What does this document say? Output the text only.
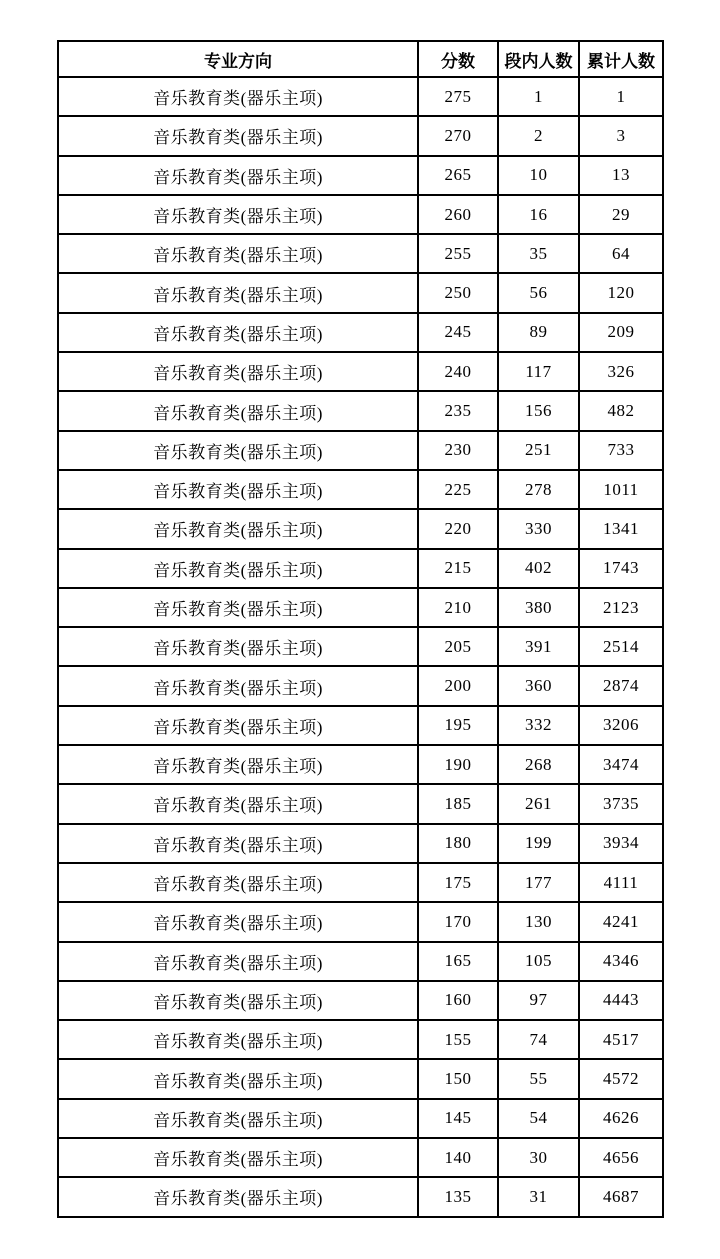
专业方向	分数	段内人数	累计人数
音乐教育类(器乐主项)	275	1	1
音乐教育类(器乐主项)	270	2	3
音乐教育类(器乐主项)	265	10	13
音乐教育类(器乐主项)	260	16	29
音乐教育类(器乐主项)	255	35	64
音乐教育类(器乐主项)	250	56	120
音乐教育类(器乐主项)	245	89	209
音乐教育类(器乐主项)	240	117	326
音乐教育类(器乐主项)	235	156	482
音乐教育类(器乐主项)	230	251	733
音乐教育类(器乐主项)	225	278	1011
音乐教育类(器乐主项)	220	330	1341
音乐教育类(器乐主项)	215	402	1743
音乐教育类(器乐主项)	210	380	2123
音乐教育类(器乐主项)	205	391	2514
音乐教育类(器乐主项)	200	360	2874
音乐教育类(器乐主项)	195	332	3206
音乐教育类(器乐主项)	190	268	3474
音乐教育类(器乐主项)	185	261	3735
音乐教育类(器乐主项)	180	199	3934
音乐教育类(器乐主项)	175	177	4111
音乐教育类(器乐主项)	170	130	4241
音乐教育类(器乐主项)	165	105	4346
音乐教育类(器乐主项)	160	97	4443
音乐教育类(器乐主项)	155	74	4517
音乐教育类(器乐主项)	150	55	4572
音乐教育类(器乐主项)	145	54	4626
音乐教育类(器乐主项)	140	30	4656
音乐教育类(器乐主项)	135	31	4687
